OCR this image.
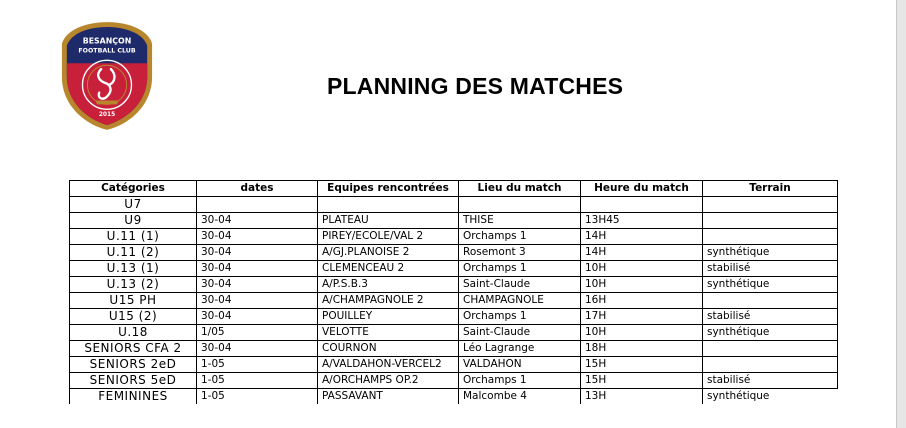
BESANÇON
FOOTBALL CLUB
2015
PLANNING DES MATCHES
Catégories	dates	Equipes rencontrées	Lieu du match	Heure du match	Terrain
U7					
U9	30-04	PLATEAU	THISE	13H45	
U.11 (1)	30-04	PIREY/ECOLE/VAL 2	Orchamps 1	14H	
U.11 (2)	30-04	A/GJ.PLANOISE 2	Rosemont 3	14H	synthétique
U.13 (1)	30-04	CLEMENCEAU 2	Orchamps 1	10H	stabilisé
U.13 (2)	30-04	A/P.S.B.3	Saint-Claude	10H	synthétique
U15 PH	30-04	A/CHAMPAGNOLE 2	CHAMPAGNOLE	16H	
U15 (2)	30-04	POUILLEY	Orchamps 1	17H	stabilisé
U.18	1/05	VELOTTE	Saint-Claude	10H	synthétique
SENIORS CFA 2	30-04	COURNON	Léo Lagrange	18H	
SENIORS 2eD	1-05	A/VALDAHON-VERCEL2	VALDAHON	15H	
SENIORS 5eD	1-05	A/ORCHAMPS OP.2	Orchamps 1	15H	stabilisé
FEMININES	1-05	PASSAVANT	Malcombe 4	13H	synthétique
